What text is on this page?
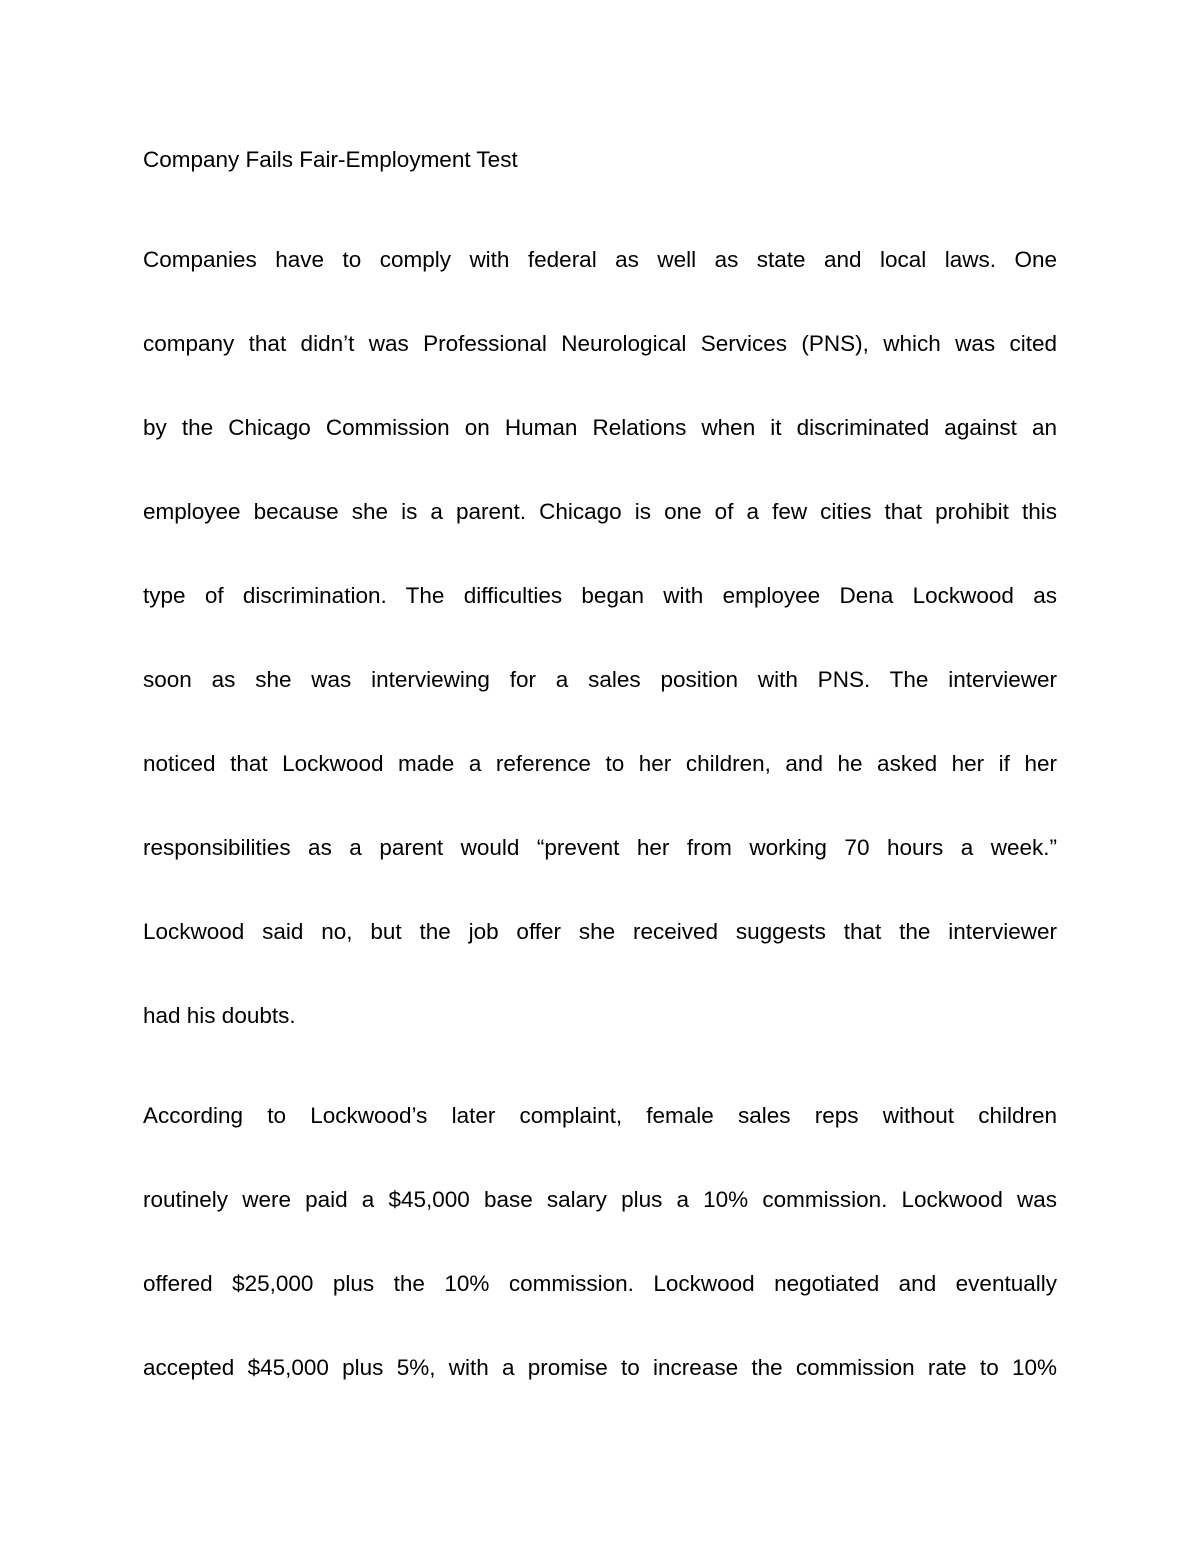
Company Fails Fair-Employment Test
Companies have to comply with federal as well as state and local laws. One
company that didn’t was Professional Neurological Services (PNS), which was cited
by the Chicago Commission on Human Relations when it discriminated against an
employee because she is a parent. Chicago is one of a few cities that prohibit this
type of discrimination. The difficulties began with employee Dena Lockwood as
soon as she was interviewing for a sales position with PNS. The interviewer
noticed that Lockwood made a reference to her children, and he asked her if her
responsibilities as a parent would “prevent her from working 70 hours a week.”
Lockwood said no, but the job offer she received suggests that the interviewer
had his doubts.
According to Lockwood’s later complaint, female sales reps without children
routinely were paid a $45,000 base salary plus a 10% commission. Lockwood was
offered $25,000 plus the 10% commission. Lockwood negotiated and eventually
accepted $45,000 plus 5%, with a promise to increase the commission rate to 10%
